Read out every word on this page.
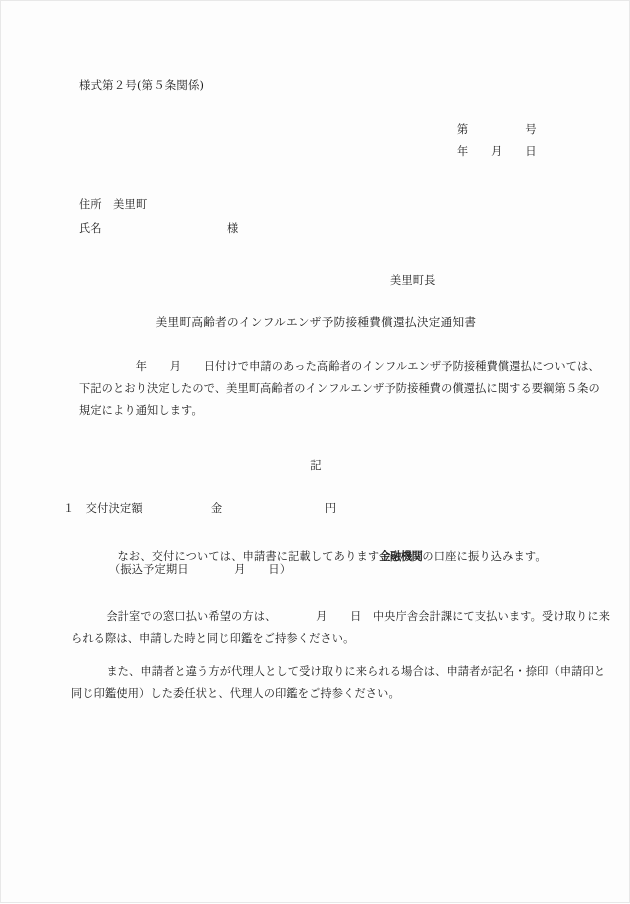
様式第２号(第５条関係)
第　　　　　号
年　　月　　日
住所　美里町
氏名　　　　　　　　　　　様
美里町長
美里町高齢者のインフルエンザ予防接種費償還払決定通知書
　　　　　年　　月　　日付けで申請のあった高齢者のインフルエンザ予防接種費償還払については、
下記のとおり決定したので、美里町高齢者のインフルエンザ予防接種費の償還払に関する要綱第５条の
規定により通知します。
記
１　交付決定額　　　　　　金　　　　　　　　　円

なお、交付については、申請書に記載してあります金融機関の口座に振り込みます。

（振込予定期日　　　　月　　日）
　会計室での窓口払い希望の方は、　　　　月　　日　中央庁舎会計課にて支払います。受け取りに来
られる際は、申請した時と同じ印鑑をご持参ください。
　また、申請者と違う方が代理人として受け取りに来られる場合は、申請者が記名・捺印（申請印と
同じ印鑑使用）した委任状と、代理人の印鑑をご持参ください。
